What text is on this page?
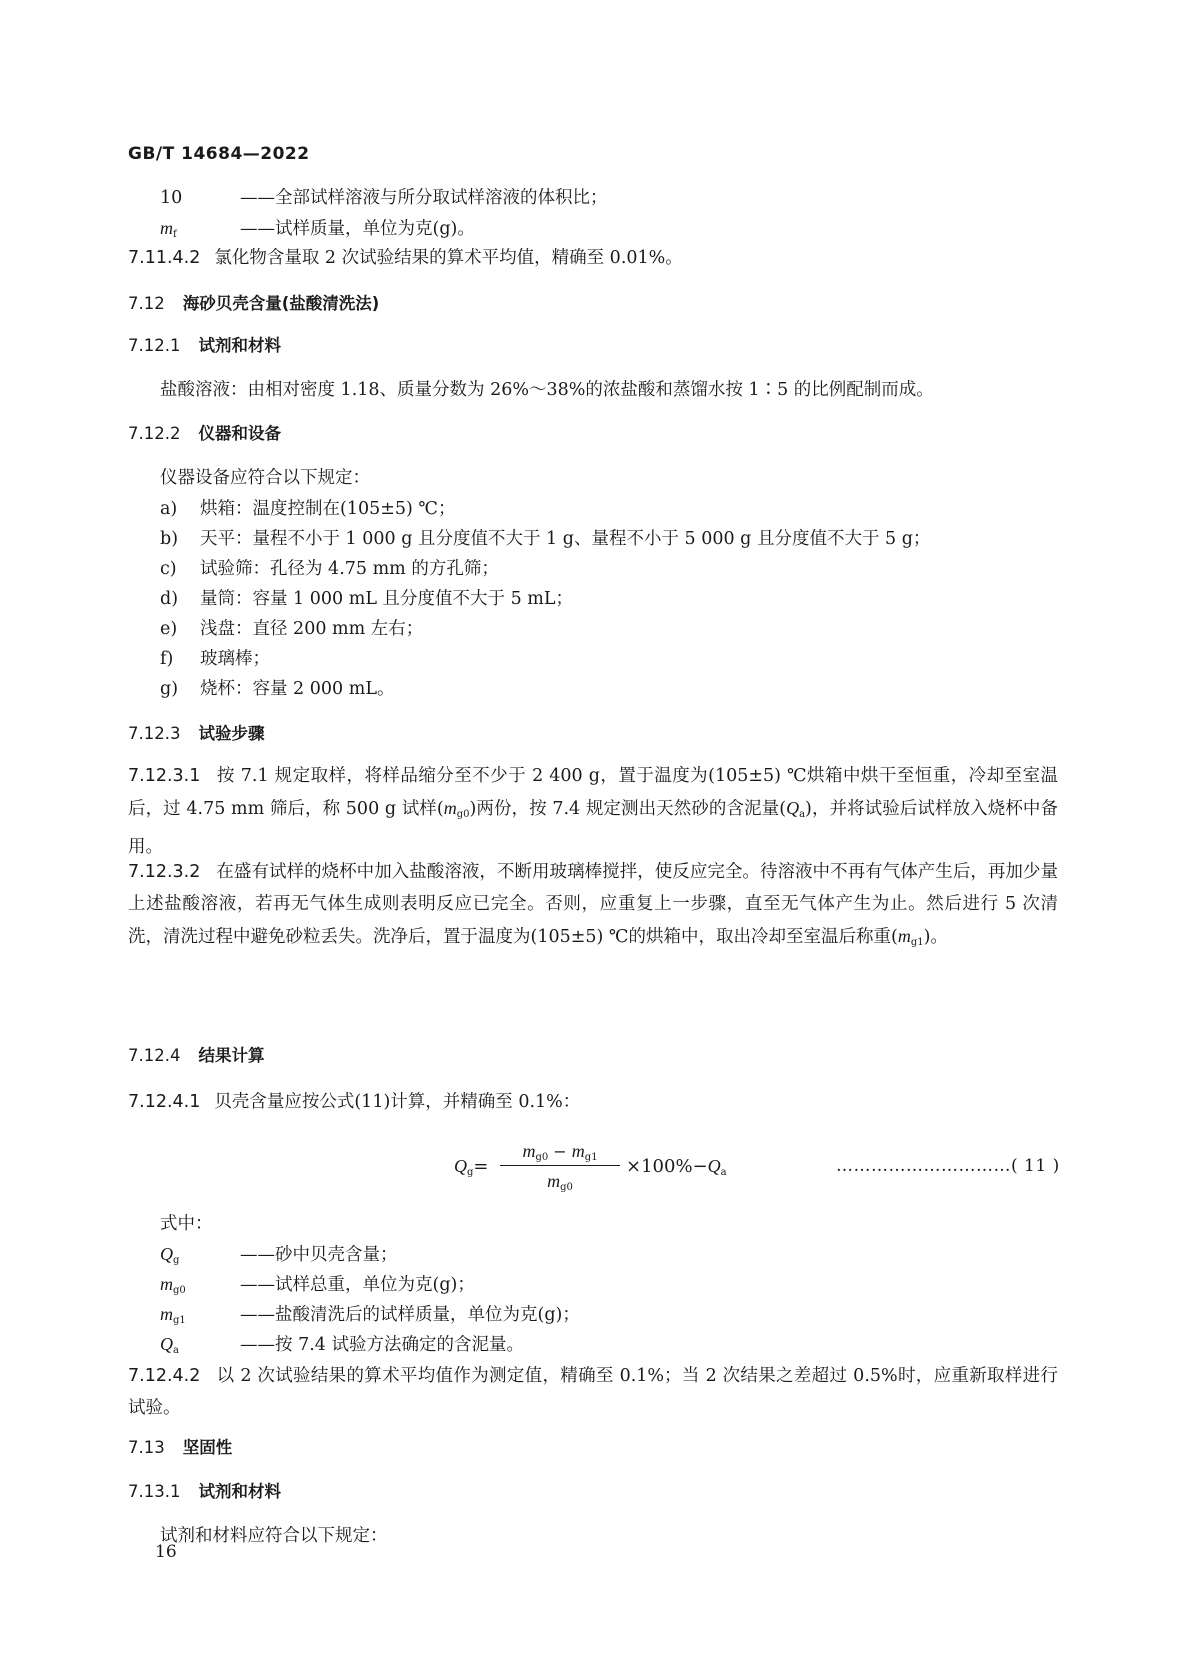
GB/T 14684—2022
10	——全部试样溶液与所分取试样溶液的体积比；
$m_f$	——试样质量，单位为克(g)。
7.11.4.2 氯化物含量取 2 次试验结果的算术平均值，精确至 0.01%。
7.12 海砂贝壳含量(盐酸清洗法)
7.12.1 试剂和材料
盐酸溶液：由相对密度 1.18、质量分数为 26%～38%的浓盐酸和蒸馏水按 1∶5 的比例配制而成。
7.12.2 仪器和设备
仪器设备应符合以下规定：
a) 烘箱：温度控制在(105±5) ℃；
b) 天平：量程不小于 1 000 g 且分度值不大于 1 g、量程不小于 5 000 g 且分度值不大于 5 g；
c) 试验筛：孔径为 4.75 mm 的方孔筛；
d) 量筒：容量 1 000 mL 且分度值不大于 5 mL；
e) 浅盘：直径 200 mm 左右；
f) 玻璃棒；
g) 烧杯：容量 2 000 mL。
7.12.3 试验步骤
7.12.3.1 按 7.1 规定取样，将样品缩分至不少于 2 400 g，置于温度为(105±5) ℃烘箱中烘干至恒重，冷却至室温后，过 4.75 mm 筛后，称 500 g 试样$(m_{g0})$两份，按 7.4 规定测出天然砂的含泥量$(Q_a)$，并将试验后试样放入烧杯中备用。
7.12.3.2 在盛有试样的烧杯中加入盐酸溶液，不断用玻璃棒搅拌，使反应完全。待溶液中不再有气体产生后，再加少量上述盐酸溶液，若再无气体生成则表明反应已完全。否则，应重复上一步骤，直至无气体产生为止。然后进行 5 次清洗，清洗过程中避免砂粒丢失。洗净后，置于温度为(105±5) ℃的烘箱中，取出冷却至室温后称重$(m_{g1})$。
7.12.4 结果计算
7.12.4.1 贝壳含量应按公式(11)计算，并精确至 0.1%：
$Q_g=$
$m_{g0} - m_{g1}$
$m_{g0}$
$\times 100\%-Q_a$	…………………………( 11 )
式中：
$Q_g$	——砂中贝壳含量；
$m_{g0}$	——试样总重，单位为克(g)；
$m_{g1}$	——盐酸清洗后的试样质量，单位为克(g)；
$Q_a$	——按 7.4 试验方法确定的含泥量。
7.12.4.2 以 2 次试验结果的算术平均值作为测定值，精确至 0.1%；当 2 次结果之差超过 0.5%时，应重新取样进行试验。
7.13 坚固性
7.13.1 试剂和材料
试剂和材料应符合以下规定：
16
